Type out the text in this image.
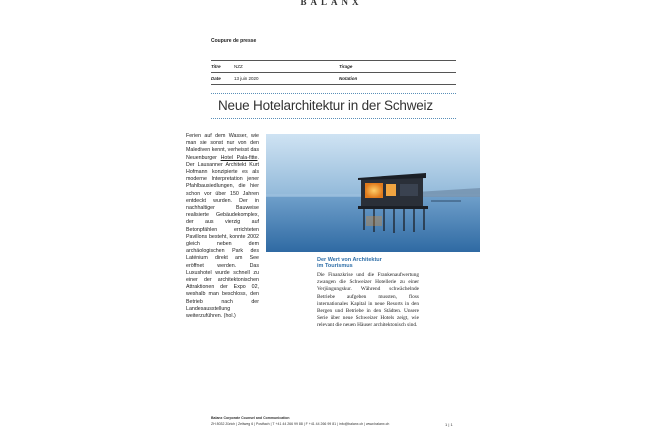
BALANX
Coupure de presse
Titre	NZZ	Tirage
Date	13 juin 2020	Notation
Neue Hotelarchitektur in der Schweiz
Ferien auf dem Wasser, wie man sie sonst nur von den Malediven kennt, verheisst das Neuenburger Hotel Pala-fitte. Der Lausanner Architekt Kurt Hofmann konzipierte es als moderne Interpretation jener Pfahlbausiedlungen, die hier schon vor über 150 Jahren entdeckt wurden. Der in nachhaltiger Bauweise realisierte Gebäudekomplex, der aus vierzig auf Betonpfählen errichteten Pavillons besteht, konnte 2002 gleich neben dem archäologischen Park des Laténium direkt am See eröffnet werden. Das Luxushotel wurde schnell zu einer der architektonischen Attraktionen der Expo 02, weshalb man beschloss, den Betrieb nach der Landesausstellung weiterzuführen. (hol.)
Der Wert von Architektur
im Tourismus
Die Finanzkrise und die Frankenaufwertung zwangen die Schweizer Hotellerie zu einer Verjüngungskur. Während schwächelnde Betriebe aufgeben mussten, floss internationales Kapital in neue Resorts in den Bergen und Betriebe in den Städten. Unsere Serie über neue Schweizer Hotels zeigt, wie relevant die neuen Häuser architektonisch sind.
Balanx Corporate Counsel and Communication
ZH 8032 Zürich | Zeltweg 6 | Postfach | T +41 44 266 99 88 | F +41 44 266 99 81 | info@balanx.ch | www.balanx.ch	1 | 1
